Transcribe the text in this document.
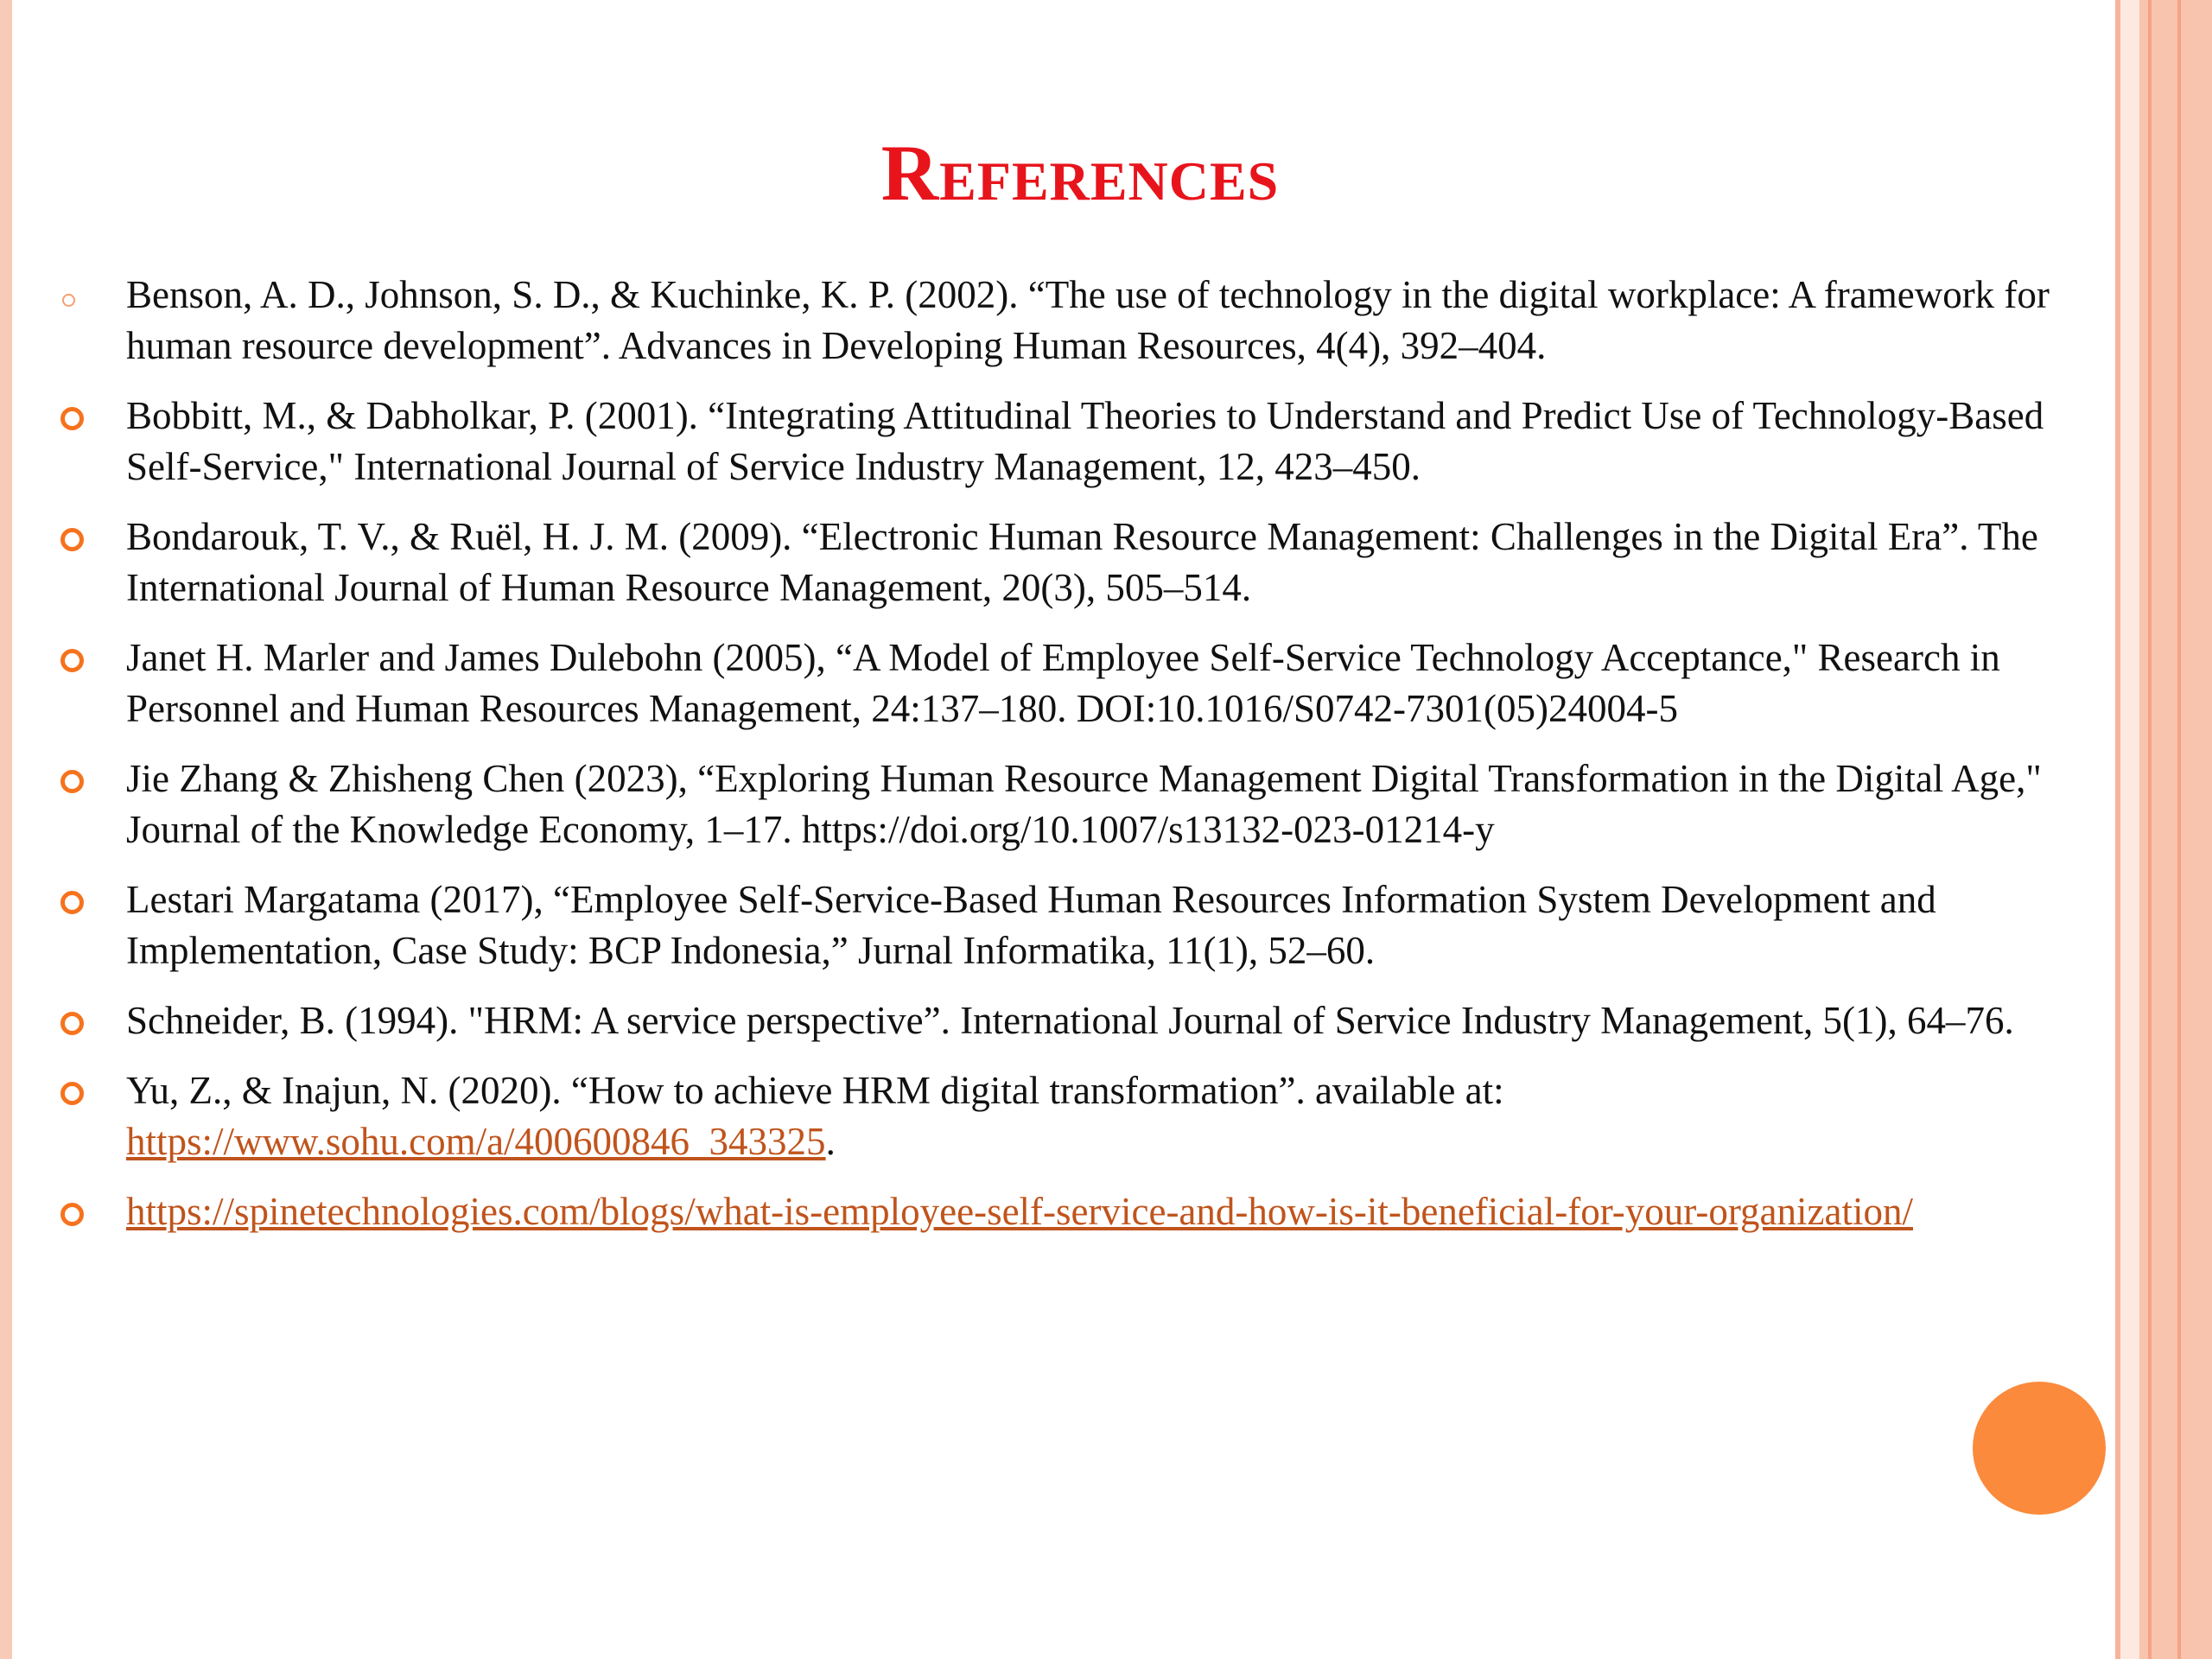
References
Benson, A. D., Johnson, S. D., & Kuchinke, K. P. (2002). “The use of technology in the digital workplace: A framework for human resource development”. Advances in Developing Human Resources, 4(4), 392–404.
Bobbitt, M., & Dabholkar, P. (2001). “Integrating Attitudinal Theories to Understand and Predict Use of Technology-Based Self-Service," International Journal of Service Industry Management, 12, 423–450.
Bondarouk, T. V., & Ruël, H. J. M. (2009). “Electronic Human Resource Management: Challenges in the Digital Era”. The International Journal of Human Resource Management, 20(3), 505–514.
Janet H. Marler and James Dulebohn (2005), “A Model of Employee Self-Service Technology Acceptance," Research in Personnel and Human Resources Management, 24:137–180. DOI:10.1016/S0742-7301(05)24004-5
Jie Zhang & Zhisheng Chen (2023), “Exploring Human Resource Management Digital Transformation in the Digital Age," Journal of the Knowledge Economy, 1–17. https://doi.org/10.1007/s13132-023-01214-y
Lestari Margatama (2017), “Employee Self-Service-Based Human Resources Information System Development and Implementation, Case Study: BCP Indonesia,” Jurnal Informatika, 11(1), 52–60.
Schneider, B. (1994). "HRM: A service perspective”. International Journal of Service Industry Management, 5(1), 64–76.
Yu, Z., & Inajun, N. (2020). “How to achieve HRM digital transformation”. available at: https://www.sohu.com/a/400600846_343325.
https://spinetechnologies.com/blogs/what-is-employee-self-service-and-how-is-it-beneficial-for-your-organization/
